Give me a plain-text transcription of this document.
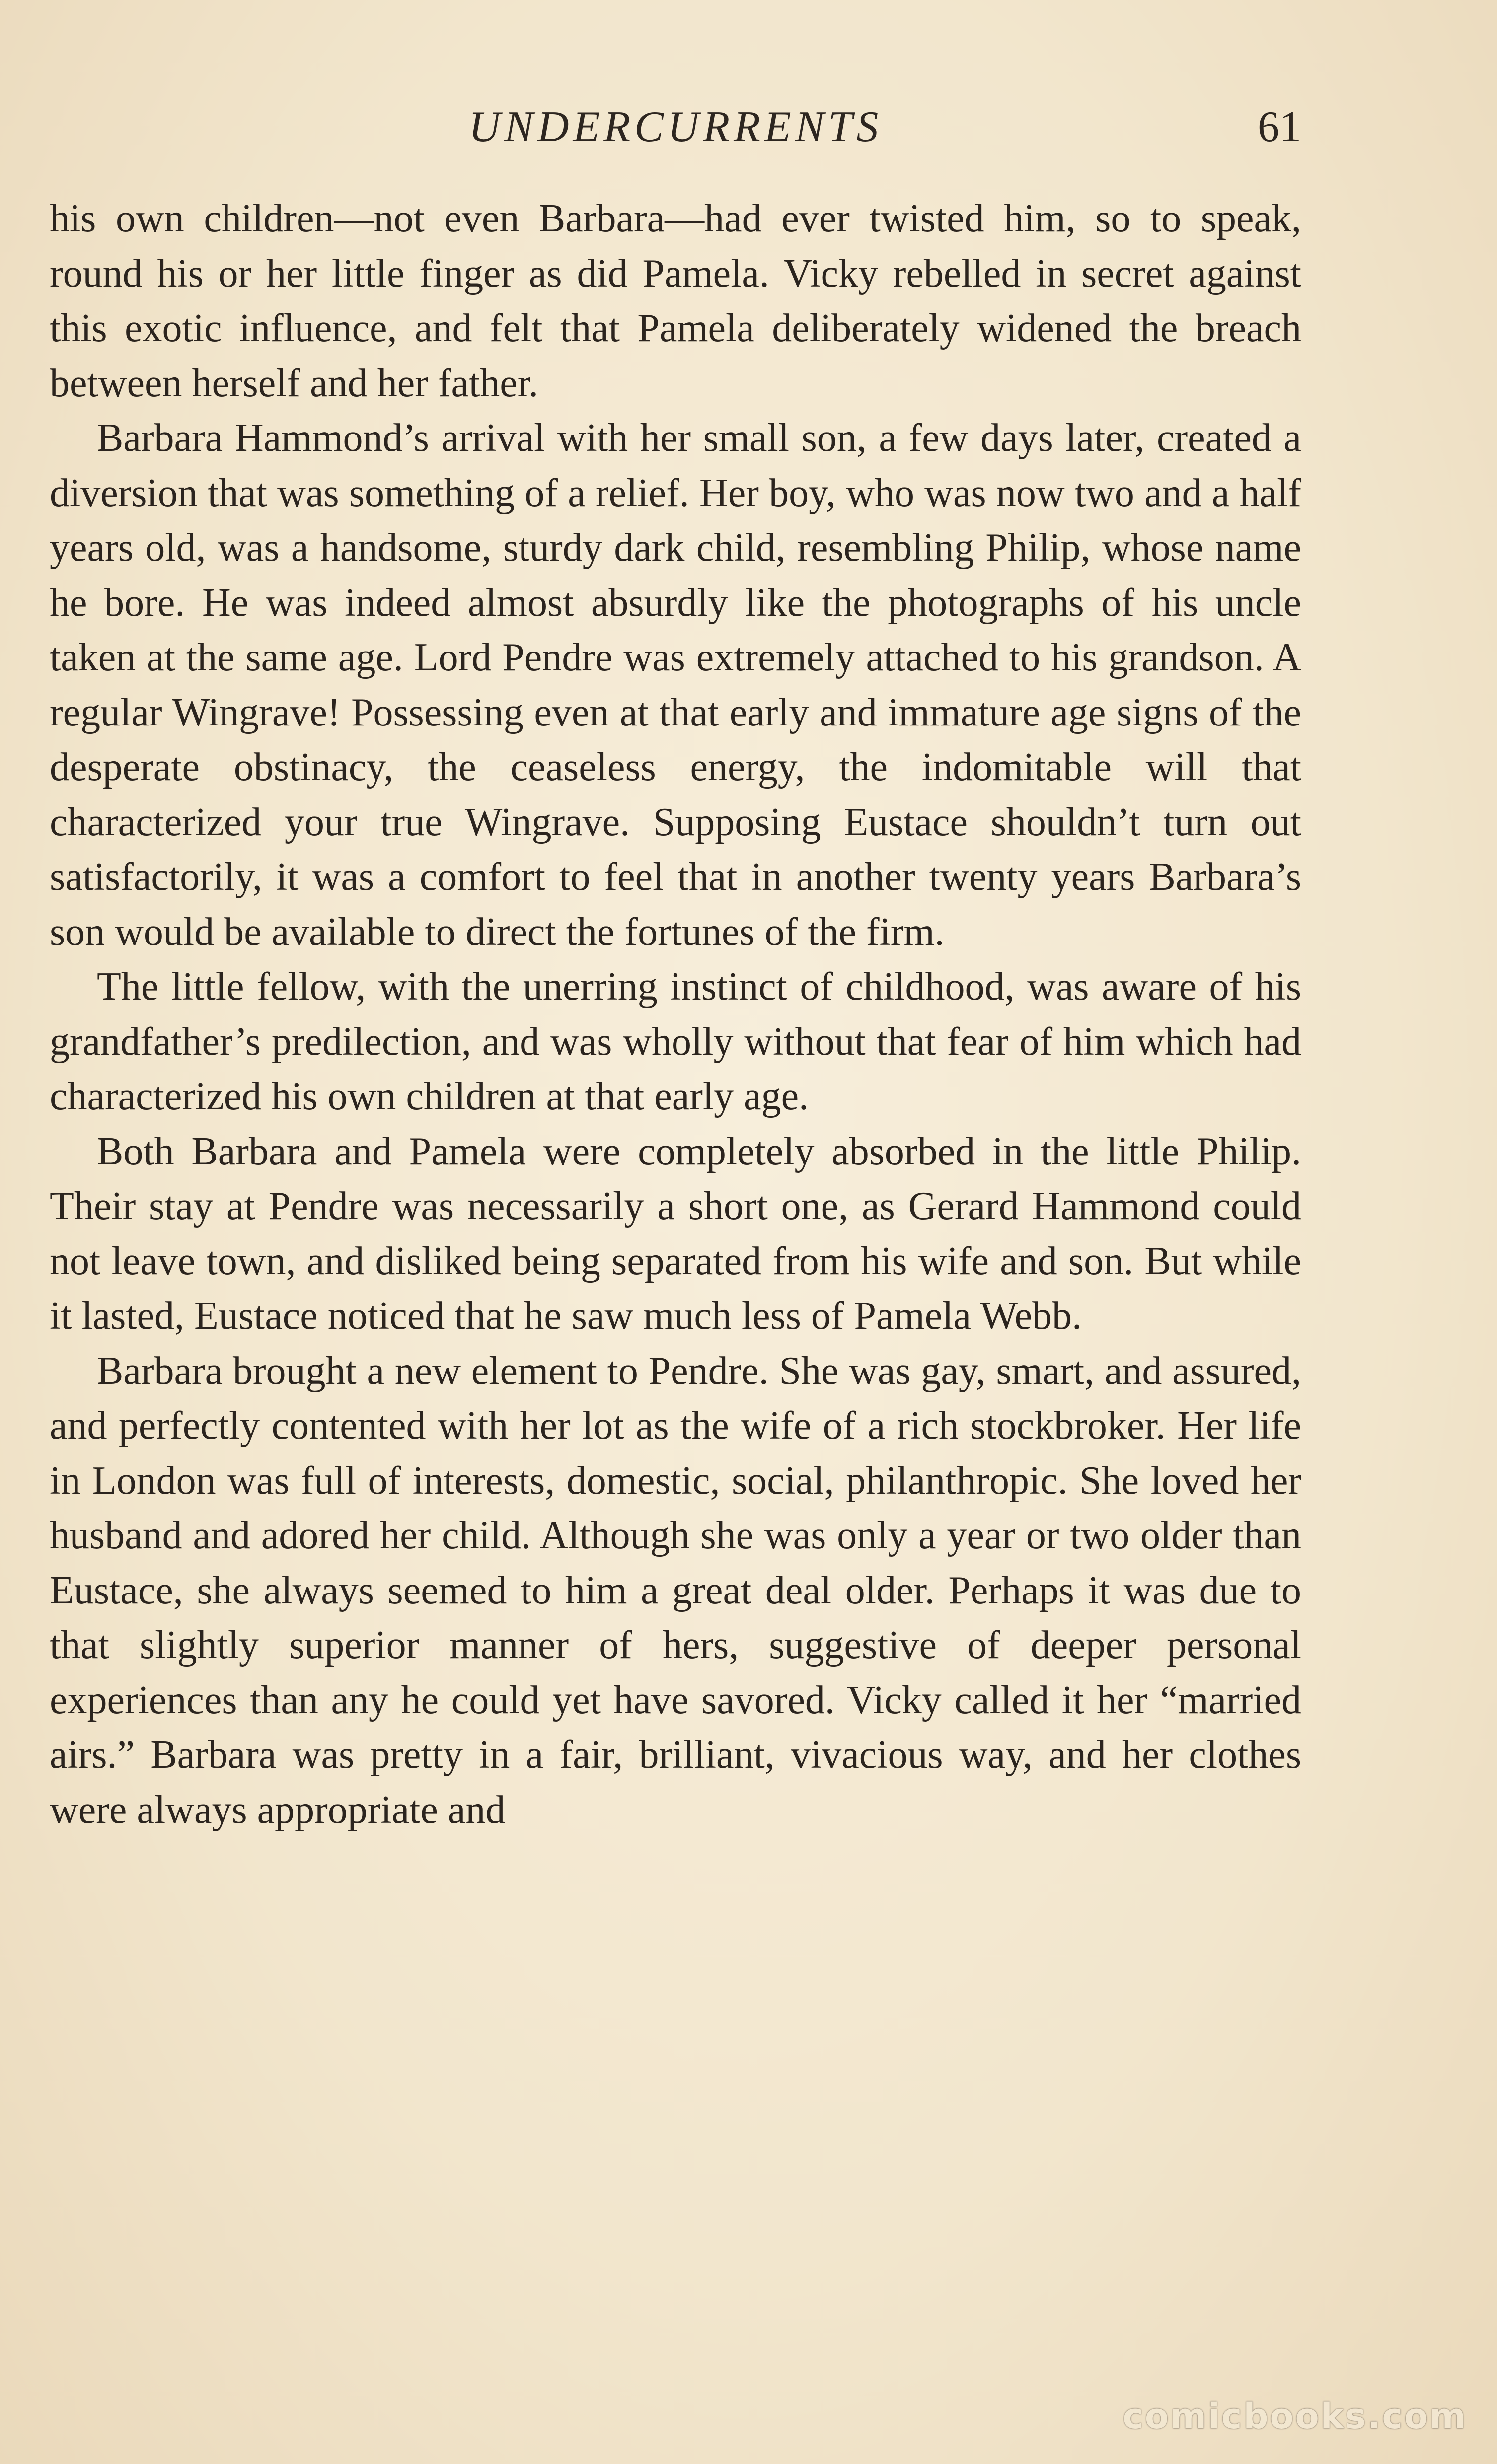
UNDERCURRENTS	61

his own children—not even Barbara—had ever twisted him, so to speak, round his or her little finger as did Pamela. Vicky rebelled in secret against this exotic influence, and felt that Pamela deliberately widened the breach between herself and her father.

Barbara Hammond’s arrival with her small son, a few days later, created a diversion that was something of a relief. Her boy, who was now two and a half years old, was a handsome, sturdy dark child, resembling Philip, whose name he bore. He was indeed almost absurdly like the photographs of his uncle taken at the same age. Lord Pendre was extremely attached to his grandson. A regular Wingrave! Possessing even at that early and immature age signs of the desperate obstinacy, the ceaseless energy, the indomitable will that characterized your true Wingrave. Supposing Eustace shouldn’t turn out satisfactorily, it was a comfort to feel that in another twenty years Barbara’s son would be available to direct the fortunes of the firm.

The little fellow, with the unerring instinct of childhood, was aware of his grandfather’s predilection, and was wholly without that fear of him which had characterized his own children at that early age.

Both Barbara and Pamela were completely absorbed in the little Philip. Their stay at Pendre was necessarily a short one, as Gerard Hammond could not leave town, and disliked being separated from his wife and son. But while it lasted, Eustace noticed that he saw much less of Pamela Webb.

Barbara brought a new element to Pendre. She was gay, smart, and assured, and perfectly contented with her lot as the wife of a rich stockbroker. Her life in London was full of interests, domestic, social, philanthropic. She loved her husband and adored her child. Although she was only a year or two older than Eustace, she always seemed to him a great deal older. Perhaps it was due to that slightly superior manner of hers, suggestive of deeper personal experiences than any he could yet have savored. Vicky called it her “married airs.” Barbara was pretty in a fair, brilliant, vivacious way, and her clothes were always appropriate and

comicbooks.com
